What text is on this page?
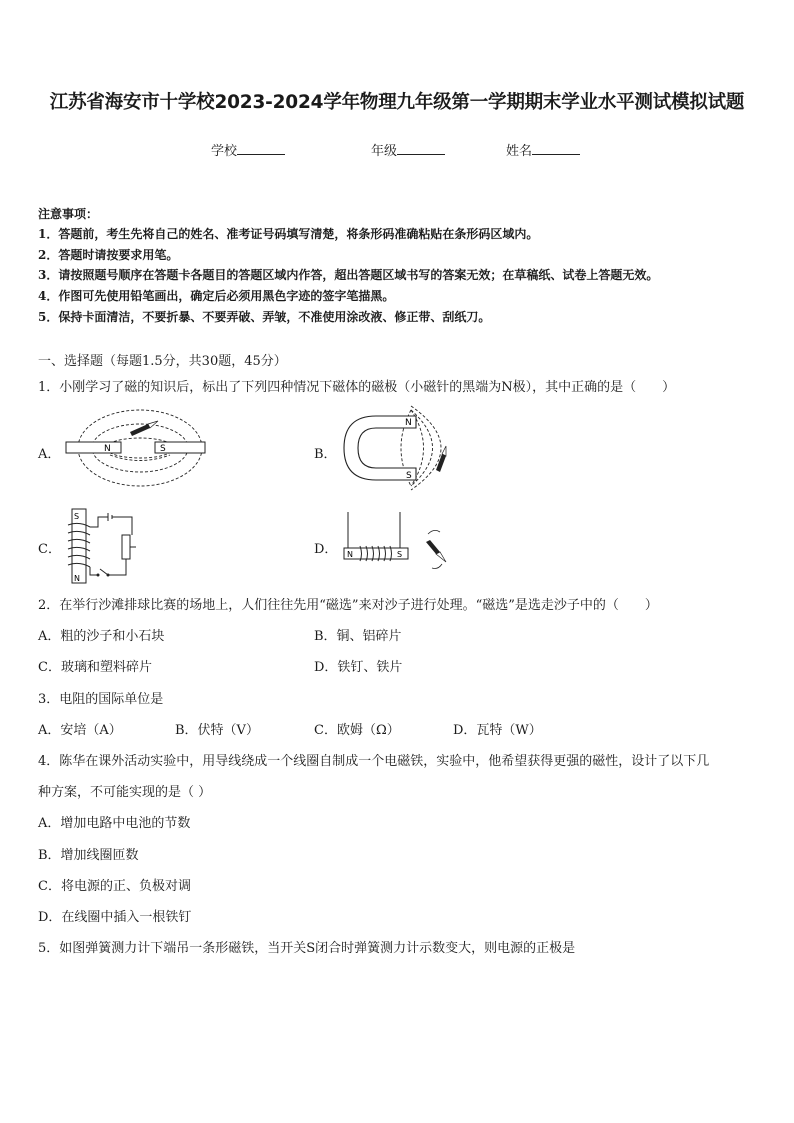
江苏省海安市十学校2023-2024学年物理九年级第一学期期末学业水平测试模拟试题
学校	年级	姓名
注意事项：
1．答题前，考生先将自己的姓名、准考证号码填写清楚，将条形码准确粘贴在条形码区域内。
2．答题时请按要求用笔。
3．请按照题号顺序在答题卡各题目的答题区域内作答，超出答题区域书写的答案无效；在草稿纸、试卷上答题无效。
4．作图可先使用铅笔画出，确定后必须用黑色字迹的签字笔描黑。
5．保持卡面清洁，不要折暴、不要弄破、弄皱，不准使用涂改液、修正带、刮纸刀。
一、选择题（每题1.5分，共30题，45分）
1．小刚学习了磁的知识后，标出了下列四种情况下磁体的磁极（小磁针的黑端为N极），其中正确的是（　　）
A．	B．
C．	D．
N	S
N
S
S
N
N	S
2．在举行沙滩排球比赛的场地上，人们往往先用“磁选”来对沙子进行处理。“磁选”是选走沙子中的（　　）
A．粗的沙子和小石块	B．铜、铝碎片
C．玻璃和塑料碎片	D．铁钉、铁片
3．电阻的国际单位是
A．安培（A）	B．伏特（V）	C．欧姆（Ω）	D．瓦特（W）
4．陈华在课外活动实验中，用导线绕成一个线圈自制成一个电磁铁，实验中，他希望获得更强的磁性，设计了以下几
种方案，不可能实现的是（ ）
A．增加电路中电池的节数
B．增加线圈匝数
C．将电源的正、负极对调
D．在线圈中插入一根铁钉
5．如图弹簧测力计下端吊一条形磁铁，当开关S闭合时弹簧测力计示数变大，则电源的正极是
